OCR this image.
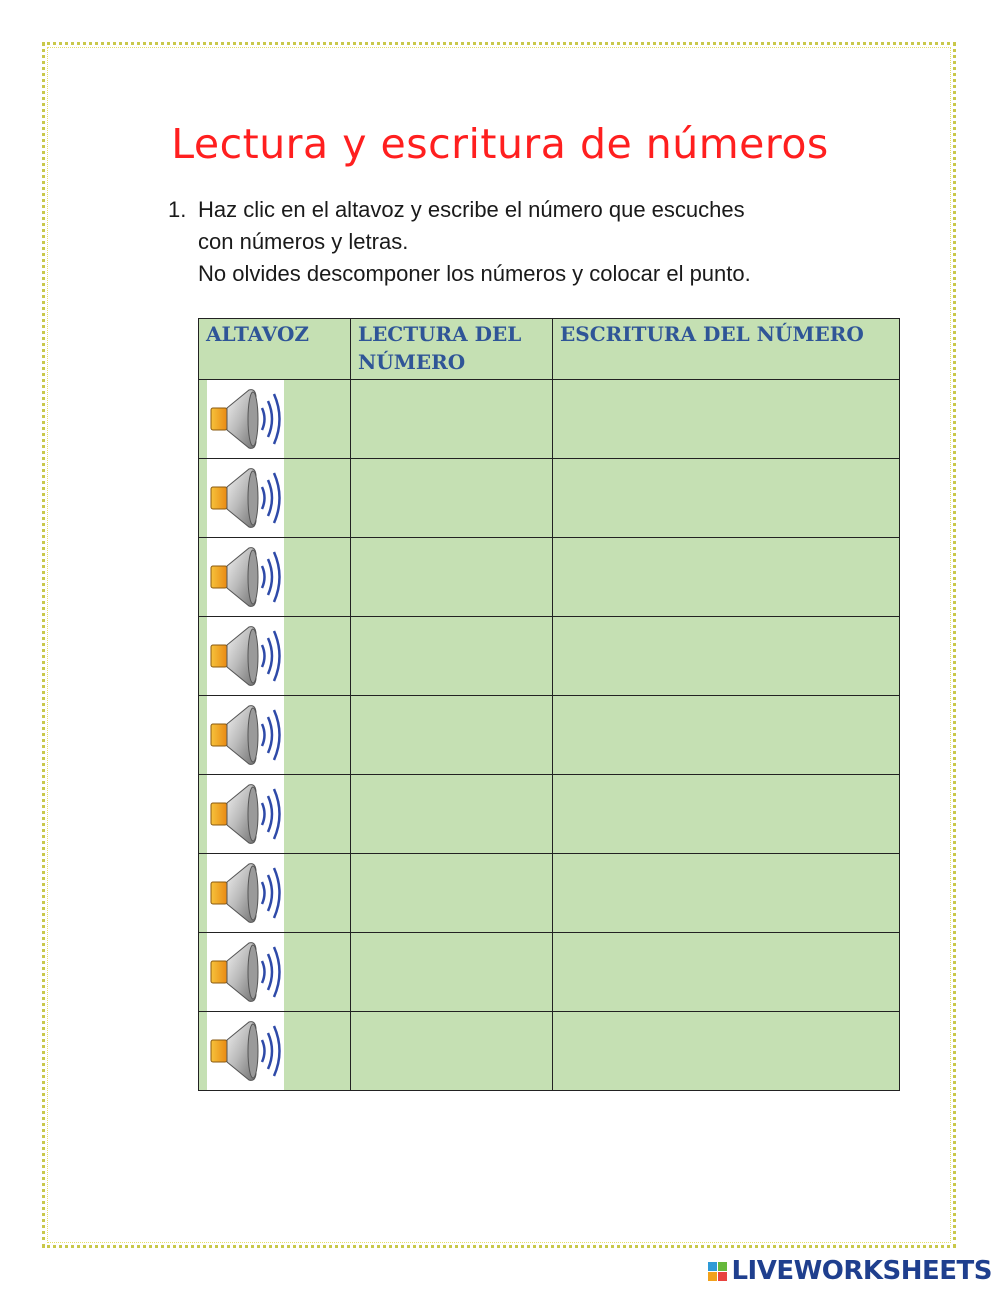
Lectura y escritura de números
1. Haz clic en el altavoz y escribe el número que escuches
con números y letras.
No olvides descomponer los números y colocar el punto.
ALTAVOZ	LECTURA DEL NÚMERO	ESCRITURA DEL NÚMERO

LIVEWORKSHEETS
